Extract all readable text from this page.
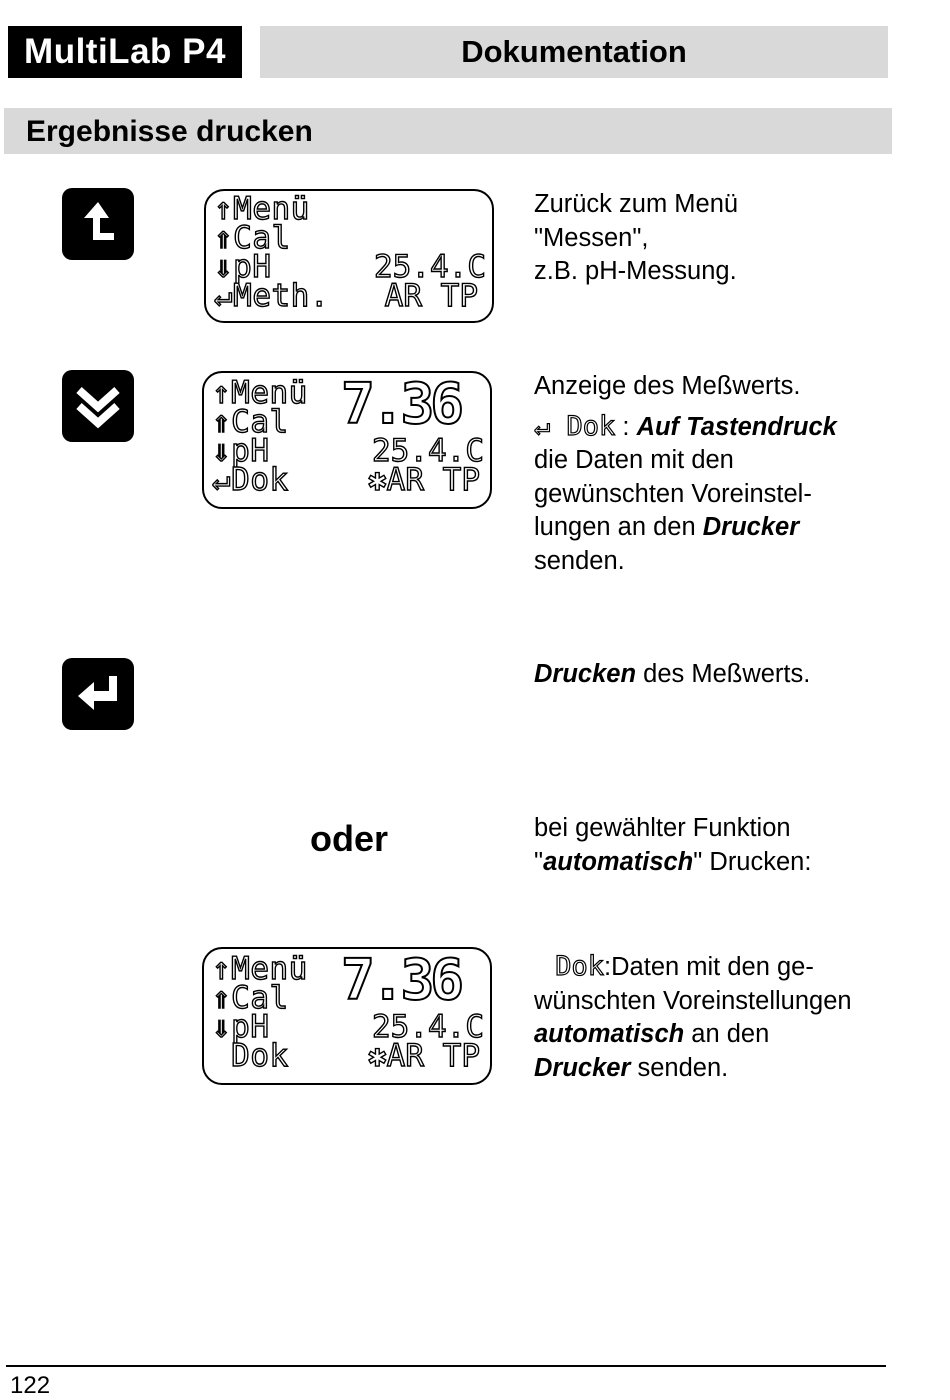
MultiLab P4	Dokumentation
Ergebnisse drucken
↑Menü
⇑Cal
⇓pH
↵Meth.
25.4.C
AR TP

Zurück zum Menü

"Messen",

z.B. pH-Messung.

↑Menü
⇑Cal
⇓pH
↵Dok
7.36
25.4.C
✱AR TP

Anzeige des Meßwerts.

↵ Dok : Auf Tastendruck

die Daten mit den

gewünschten Voreinstel-

lungen an den Drucker

senden.

Drucken des Meßwerts.

oder	bei gewählter Funktion

"automatisch" Drucken:

↑Menü
⇑Cal
⇓pH
Dok
7.36
25.4.C
✱AR TP

Dok:Daten mit den ge-

wünschten Voreinstellungen

automatisch an den

Drucker senden.

122
